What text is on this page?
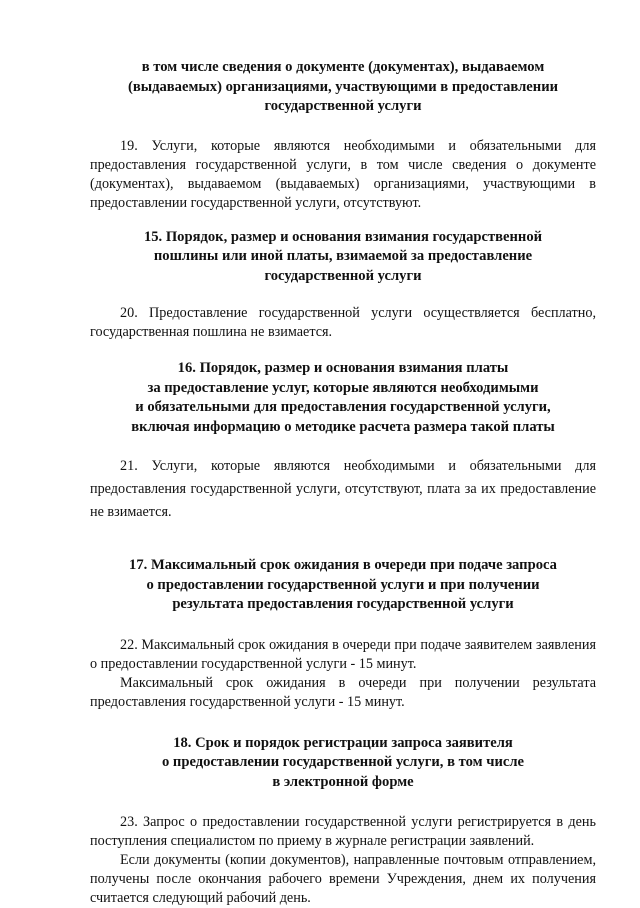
в том числе сведения о документе (документах), выдаваемом
(выдаваемых) организациями, участвующими в предоставлении
государственной услуги

19. Услуги, которые являются необходимыми и обязательными для предоставления государственной услуги, в том числе сведения о документе (документах), выдаваемом (выдаваемых) организациями, участвующими в предоставлении государственной услуги, отсутствуют.

15. Порядок, размер и основания взимания государственной
пошлины или иной платы, взимаемой за предоставление
государственной услуги

20. Предоставление государственной услуги осуществляется бесплатно, государственная пошлина не взимается.

16. Порядок, размер и основания взимания платы
за предоставление услуг, которые являются необходимыми
и обязательными для предоставления государственной услуги,
включая информацию о методике расчета размера такой платы

21. Услуги, которые являются необходимыми и обязательными для предоставления государственной услуги, отсутствуют, плата за их предоставление не взимается.

17. Максимальный срок ожидания в очереди при подаче запроса
о предоставлении государственной услуги и при получении
результата предоставления государственной услуги

22. Максимальный срок ожидания в очереди при подаче заявителем заявления о предоставлении государственной услуги - 15 минут.

Максимальный срок ожидания в очереди при получении результата предоставления государственной услуги - 15 минут.

18. Срок и порядок регистрации запроса заявителя
о предоставлении государственной услуги, в том числе
в электронной форме

23. Запрос о предоставлении государственной услуги регистрируется в день поступления специалистом по приему в журнале регистрации заявлений.

Если документы (копии документов), направленные почтовым отправлением, получены после окончания рабочего времени Учреждения, днем их получения считается следующий рабочий день.
